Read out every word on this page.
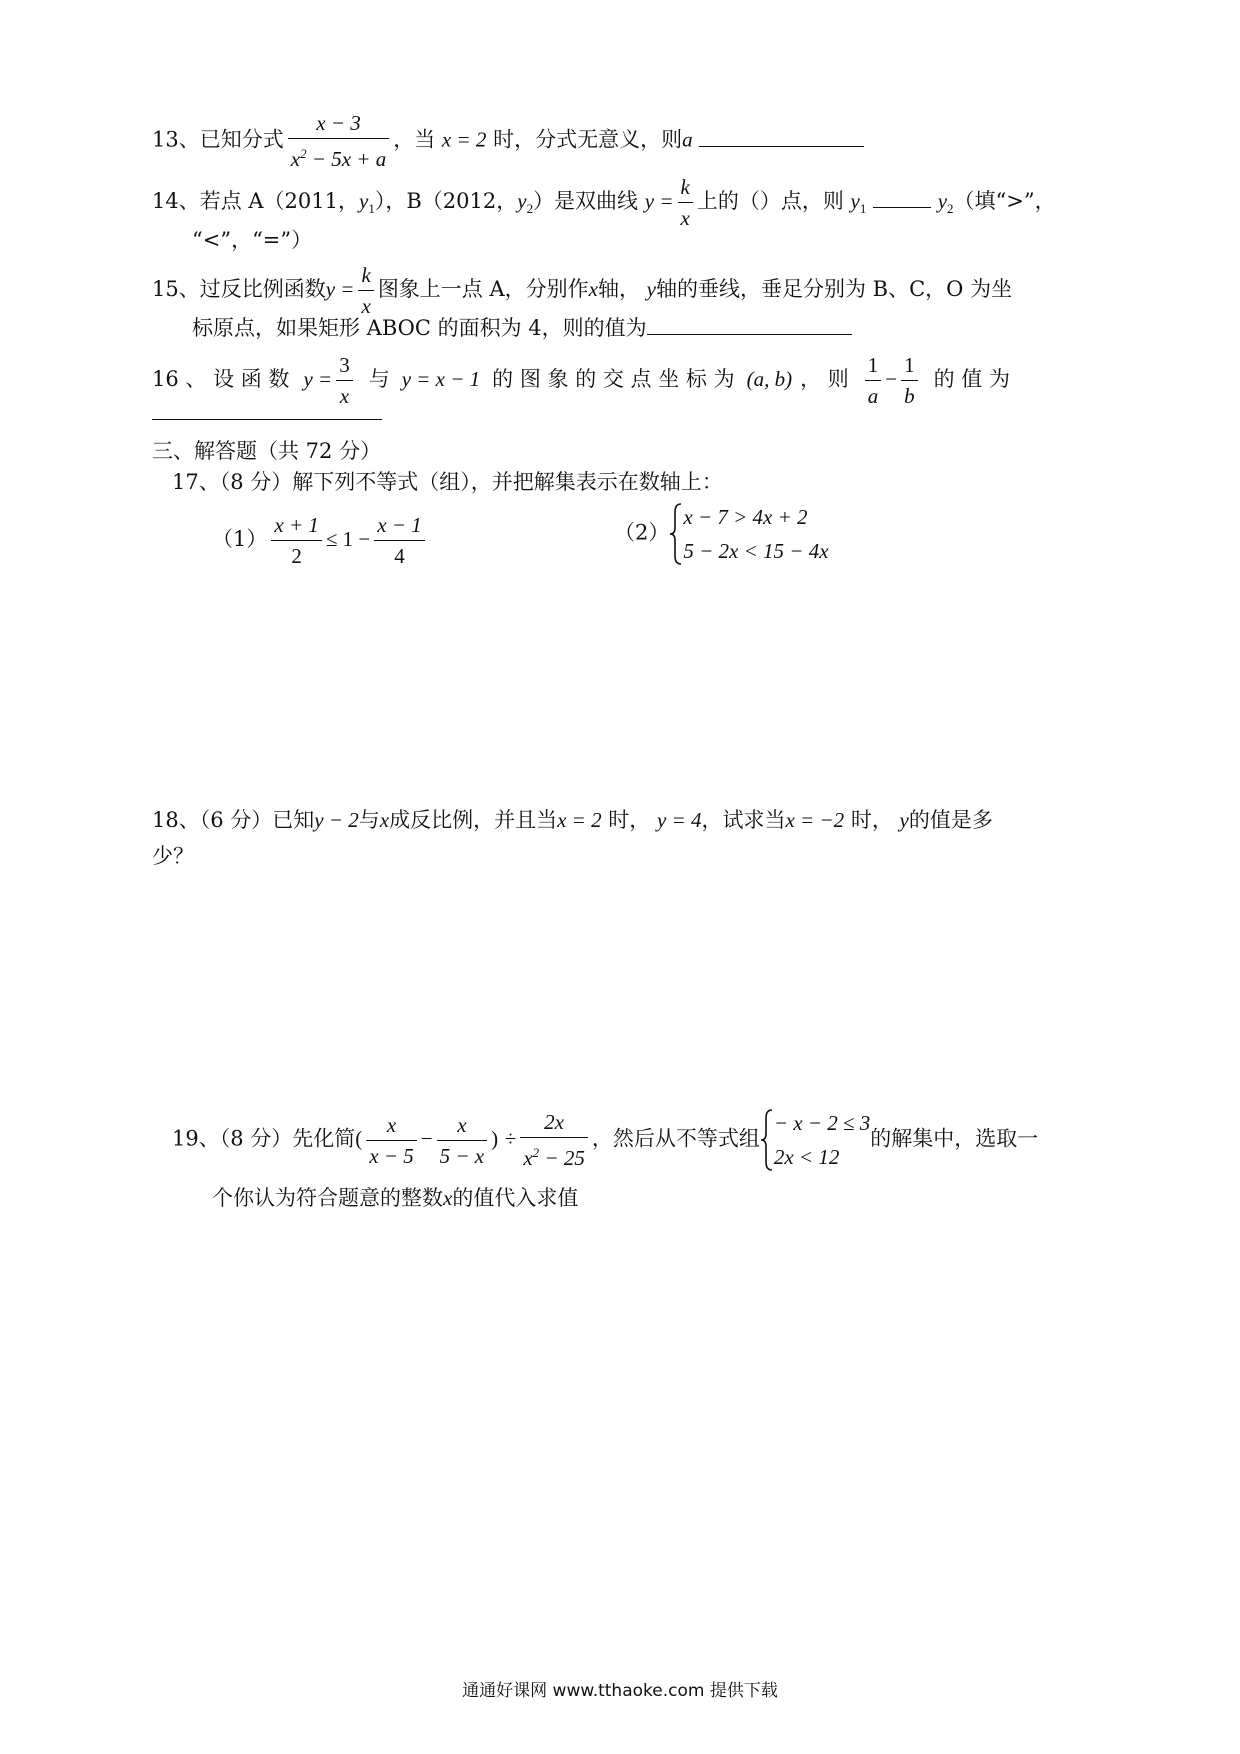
13、已知分式 $\frac{x - 3}{x^2 - 5x + a}$ ，当 x = 2 时，分式无意义，则a
14、若点 A（2011，$y_1$），B（2012，$y_2$）是双曲线 $y = \frac{k}{x}$ 上的（）点，则 $y_1$	$y_2$（填“>”，
“<”，“=”）
15、过反比例函数$y = \frac{k}{x}$ 图象上一点 A，分别作x轴， y轴的垂线，垂足分别为 B、C，O 为坐
标原点，如果矩形 ABOC 的面积为 4，则的值为
16 、 设 函 数 $y = \frac{3}{x}$ 与 y = x − 1 的 图 象 的 交 点 坐 标 为 (a, b) ， 则 $\frac{1}{a} - \frac{1}{b}$ 的 值 为
三、解答题（共 72 分）
17、（8 分）解下列不等式（组），并把解集表示在数轴上：
$(1) \frac{x + 1}{2} \le 1 - \frac{x - 1}{4}$	（2）
x − 7 > 4x + 2
5 − 2x < 15 − 4x
18、（6 分）已知y − 2与x成反比例，并且当x = 2 时， y = 4，试求当x = −2 时， y的值是多
少？
19、（8 分）先化简( $\frac{x}{x - 5} - \frac{x}{5 - x}$ ) ÷ $\frac{2x}{x^2 - 25}$ ，然后从不等式组
− x − 2 ≤ 3
2x < 12
的解集中，选取一
个你认为符合题意的整数x的值代入求值
通通好课网 www.tthaoke.com 提供下载
